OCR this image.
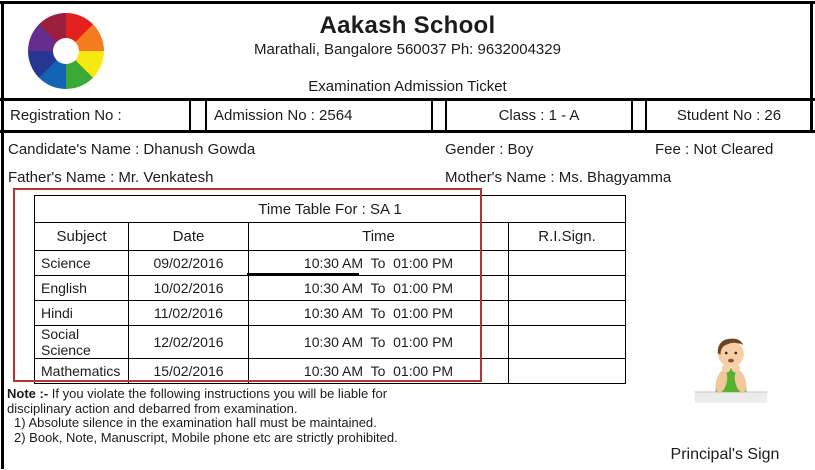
Aakash School
Marathali, Bangalore 560037 Ph: 9632004329
Examination Admission Ticket
Registration No :	Admission No : 2564	Class : 1 - A	Student No : 26
Candidate's Name : Dhanush Gowda	Gender : Boy	Fee : Not Cleared
Father's Name : Mr. Venkatesh	Mother's Name : Ms. Bhagyamma
Time Table For : SA 1			
Subject	Date	Time	R.I.Sign.
Science	09/02/2016	10:30 AM  To  01:00 PM	
English	10/02/2016	10:30 AM  To  01:00 PM	
Hindi	11/02/2016	10:30 AM  To  01:00 PM	
Social Science	12/02/2016	10:30 AM  To  01:00 PM	
Mathematics	15/02/2016	10:30 AM  To  01:00 PM	
Note :- If you violate the following instructions you will be liable for
disciplinary action and debarred from examination.
1) Absolute silence in the examination hall must be maintained.
2) Book, Note, Manuscript, Mobile phone etc are strictly prohibited.
Principal's Sign
